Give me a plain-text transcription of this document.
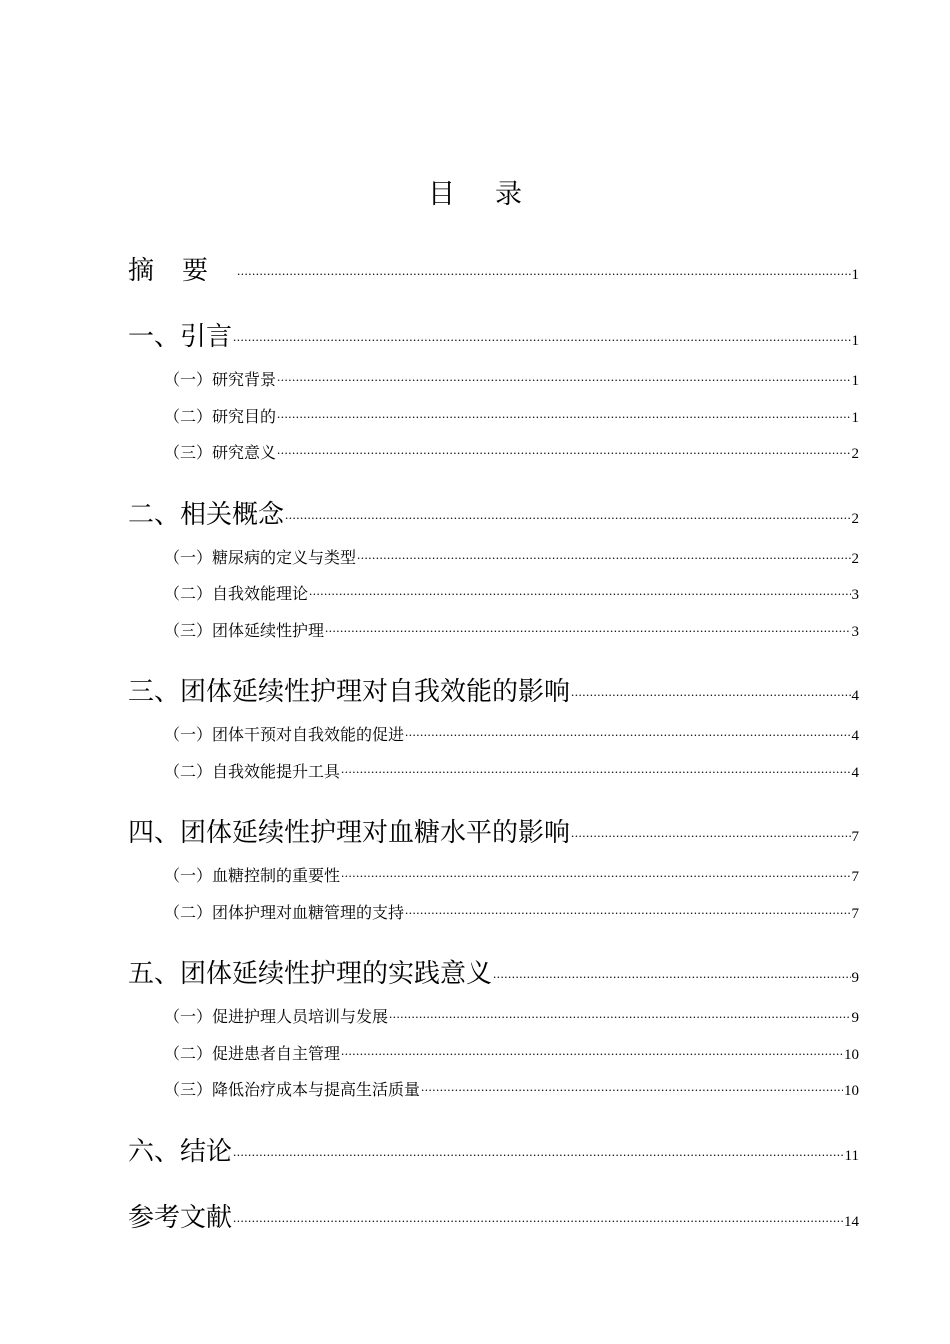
目录
摘要 .....	1
一、引言 .....	1
（一）研究背景 .....	1
（二）研究目的 .....	1
（三）研究意义 .....	2
二、相关概念 .....	2
（一）糖尿病的定义与类型 .....	2
（二）自我效能理论 .....	3
（三）团体延续性护理 .....	3
三、团体延续性护理对自我效能的影响 .....	4
（一）团体干预对自我效能的促进 .....	4
（二）自我效能提升工具 .....	4
四、团体延续性护理对血糖水平的影响 .....	7
（一）血糖控制的重要性 .....	7
（二）团体护理对血糖管理的支持 .....	7
五、团体延续性护理的实践意义 .....	9
（一）促进护理人员培训与发展 .....	9
（二）促进患者自主管理 .....	10
（三）降低治疗成本与提高生活质量 .....	10
六、结论 .....	11
参考文献 .....	14
